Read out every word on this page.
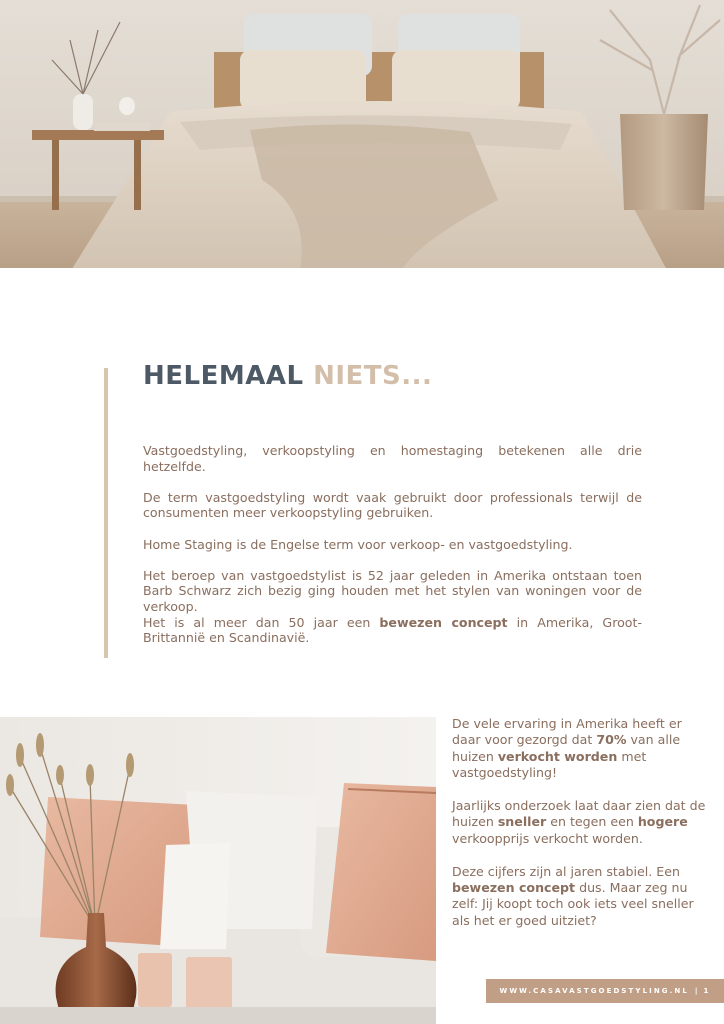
HELEMAAL NIETS...

Vastgoedstyling, verkoopstyling en homestaging betekenen alle drie hetzelfde.

De term vastgoedstyling wordt vaak gebruikt door professionals terwijl de consumenten meer verkoopstyling gebruiken.

Home Staging is de Engelse term voor verkoop- en vastgoedstyling.

Het beroep van vastgoedstylist is 52 jaar geleden in Amerika ontstaan toen Barb Schwarz zich bezig ging houden met het stylen van woningen voor de verkoop.

Het is al meer dan 50 jaar een bewezen concept in Amerika, Groot-Brittannië en Scandinavië.

De vele ervaring in Amerika heeft er daar voor gezorgd dat 70% van alle huizen verkocht worden met vastgoedstyling!

Jaarlijks onderzoek laat daar zien dat de huizen sneller en tegen een hogere verkoopprijs verkocht worden.

Deze cijfers zijn al jaren stabiel. Een bewezen concept dus. Maar zeg nu zelf: Jij koopt toch ook iets veel sneller als het er goed uitziet?

WWW.CASAVASTGOEDSTYLING.NL | 1
